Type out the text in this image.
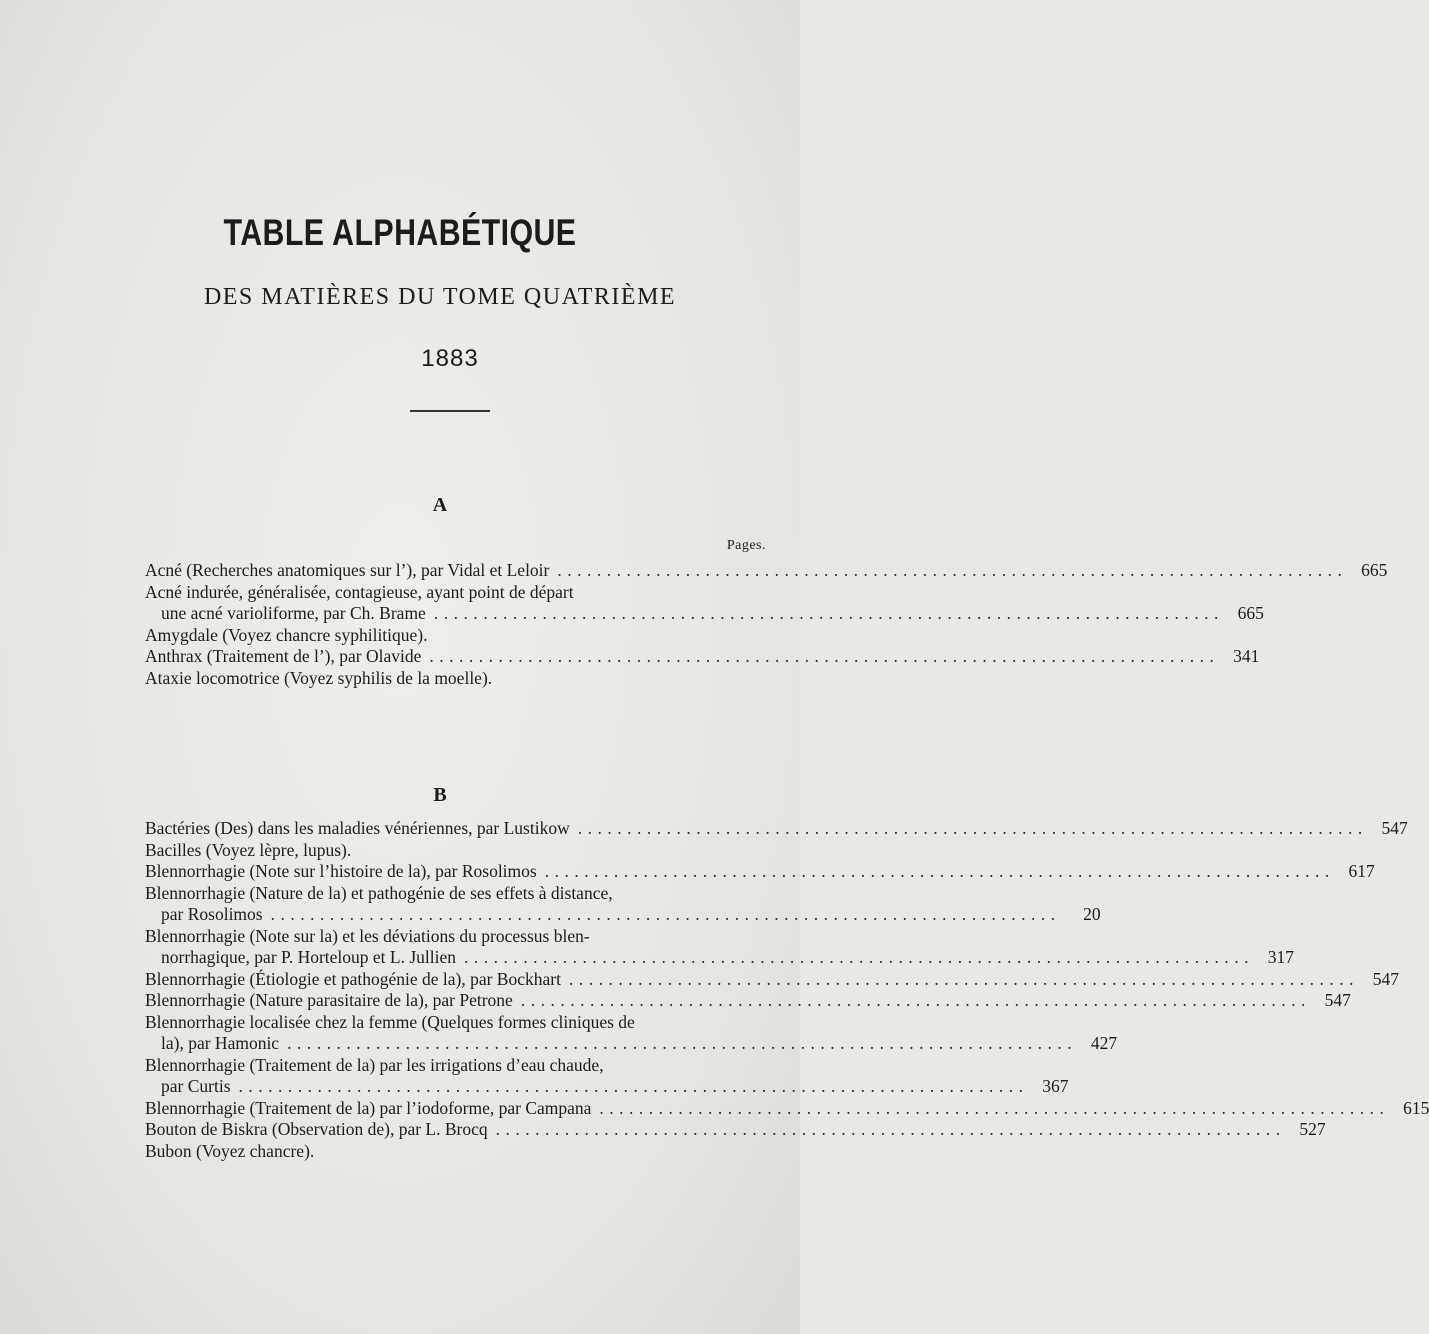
TABLE ALPHABÉTIQUE
DES MATIÈRES DU TOME QUATRIÈME
1883
A
Pages.
Acné (Recherches anatomiques sur l’), par Vidal et Leloir ................................................................................ 665
Acné indurée, généralisée, contagieuse, ayant point de départ
une acné varioliforme, par Ch. Brame ................................................................................ 665
Amygdale (Voyez chancre syphilitique).
Anthrax (Traitement de l’), par Olavide ................................................................................ 341
Ataxie locomotrice (Voyez syphilis de la moelle).
B
Bactéries (Des) dans les maladies vénériennes, par Lustikow ................................................................................ 547
Bacilles (Voyez lèpre, lupus).
Blennorrhagie (Note sur l’histoire de la), par Rosolimos ................................................................................ 617
Blennorrhagie (Nature de la) et pathogénie de ses effets à distance,
par Rosolimos ................................................................................	20
Blennorrhagie (Note sur la) et les déviations du processus blen-
norrhagique, par P. Horteloup et L. Jullien ................................................................................ 317
Blennorrhagie (Étiologie et pathogénie de la), par Bockhart ................................................................................ 547
Blennorrhagie (Nature parasitaire de la), par Petrone ................................................................................ 547
Blennorrhagie localisée chez la femme (Quelques formes cliniques de
la), par Hamonic ................................................................................ 427
Blennorrhagie (Traitement de la) par les irrigations d’eau chaude,
par Curtis ................................................................................ 367
Blennorrhagie (Traitement de la) par l’iodoforme, par Campana ................................................................................ 615
Bouton de Biskra (Observation de), par L. Brocq ................................................................................ 527
Bubon (Voyez chancre).
